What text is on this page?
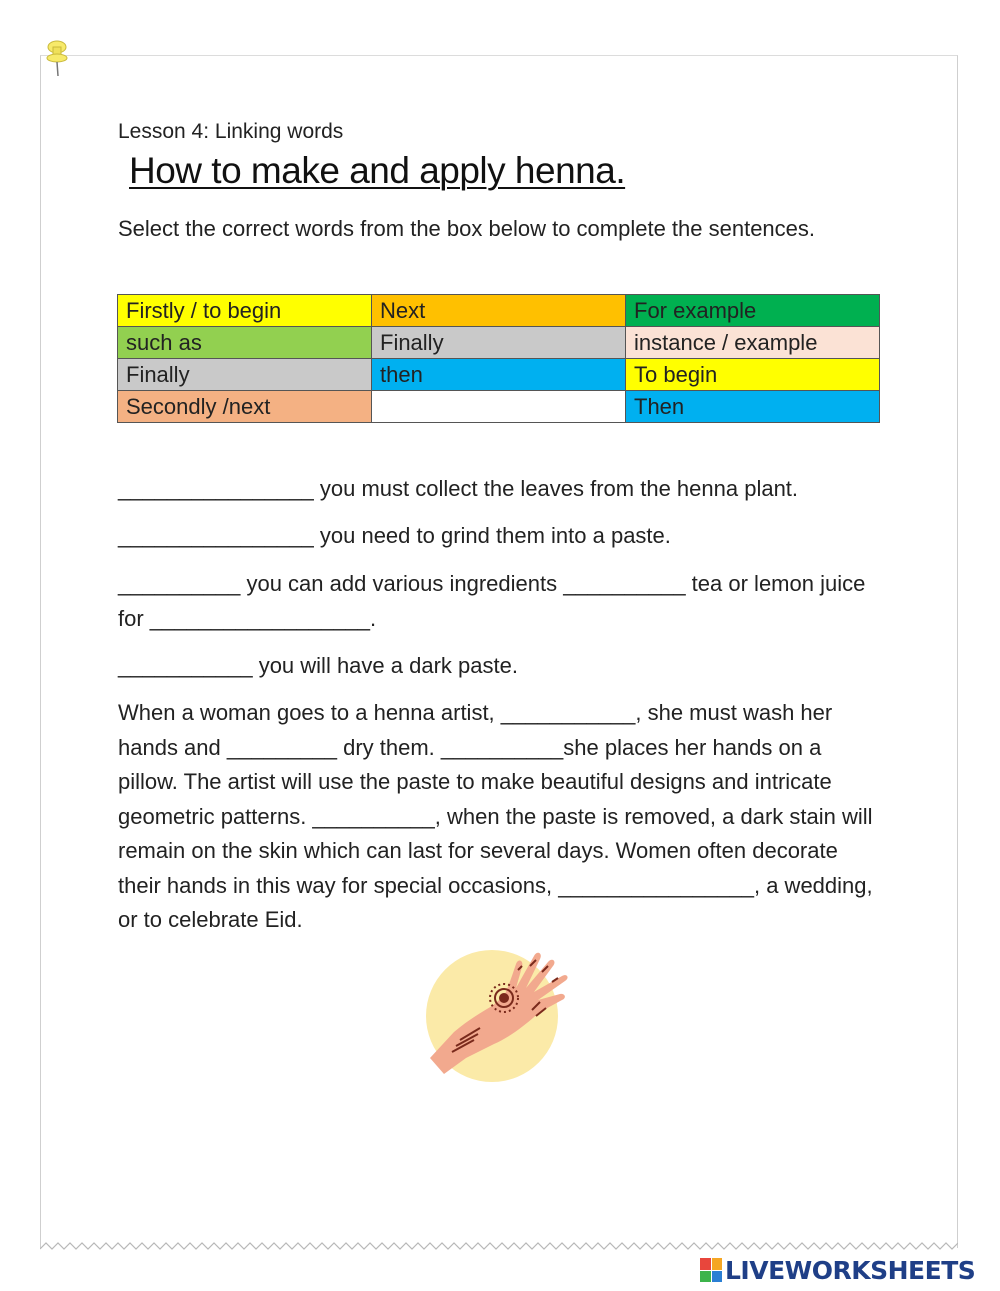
Lesson 4: Linking words
How to make and apply henna.
Select the correct words from the box below to complete the sentences.
Firstly / to begin	Next	For example
such as	Finally	instance / example
Finally	then	To begin
Secondly /next		Then
________________ you must collect the leaves from the henna plant.
________________ you need to grind them into a paste.
__________ you can add various ingredients __________ tea or lemon juice for __________________.
___________ you will have a dark paste.
When a woman goes to a henna artist, ___________, she must wash her hands and _________ dry them. __________she places her hands on a pillow. The artist will use the paste to make beautiful designs and intricate geometric patterns. __________, when the paste is removed, a dark stain will remain on the skin which can last for several days. Women often decorate their hands in this way for special occasions, ________________, a wedding, or to celebrate Eid.
LIVEWORKSHEETS
